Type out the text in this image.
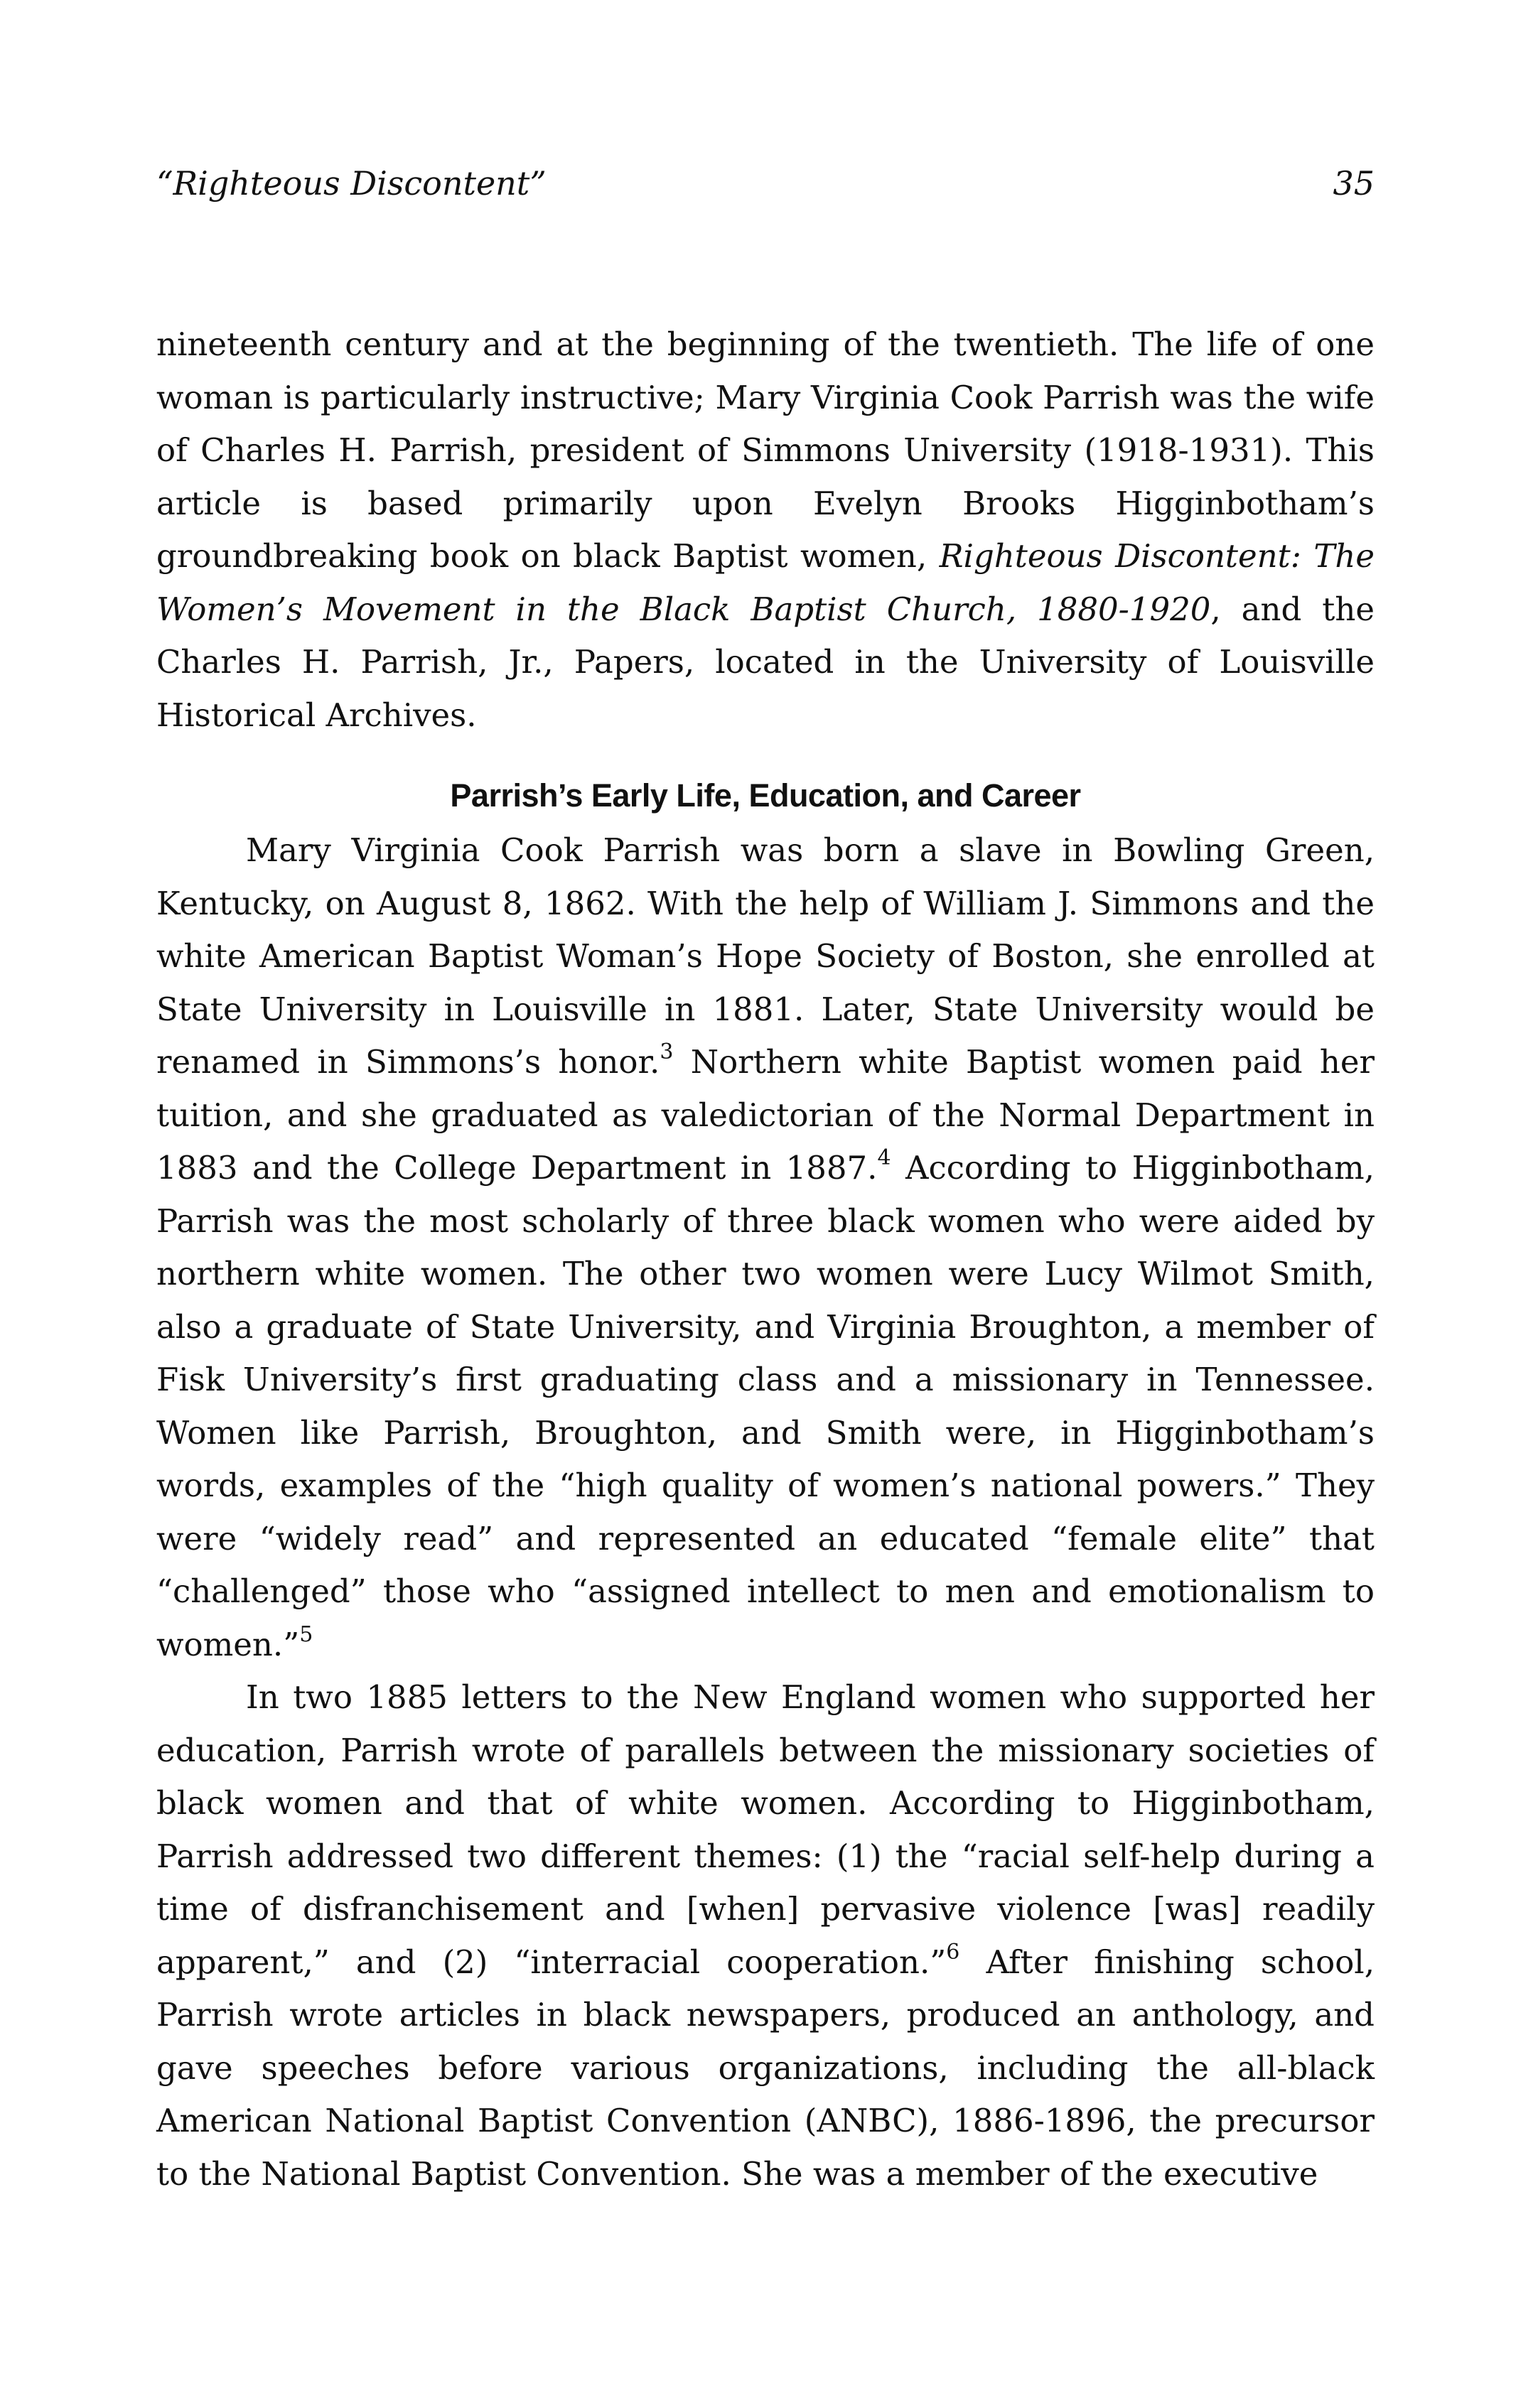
“Righteous Discontent”	35

nineteenth century and at the beginning of the twentieth. The life of one woman is particularly instructive; Mary Virginia Cook Parrish was the wife of Charles H. Parrish, president of Simmons University (1918-1931). This article is based primarily upon Evelyn Brooks Higginbotham’s groundbreaking book on black Baptist women, Righteous Discontent: The Women’s Movement in the Black Baptist Church, 1880-1920, and the Charles H. Parrish, Jr., Papers, located in the University of Louisville Historical Archives.

Parrish’s Early Life, Education, and Career

Mary Virginia Cook Parrish was born a slave in Bowling Green, Kentucky, on August 8, 1862. With the help of William J. Simmons and the white American Baptist Woman’s Hope Society of Boston, she enrolled at State University in Louisville in 1881. Later, State University would be renamed in Simmons’s honor.$^3$ Northern white Baptist women paid her tuition, and she graduated as valedictorian of the Normal Department in 1883 and the College Department in 1887.$^4$ According to Higginbotham, Parrish was the most scholarly of three black women who were aided by northern white women. The other two women were Lucy Wilmot Smith, also a graduate of State University, and Virginia Broughton, a member of Fisk University’s first graduating class and a missionary in Tennessee. Women like Parrish, Broughton, and Smith were, in Higginbotham’s words, examples of the “high quality of women’s national powers.” They were “widely read” and represented an educated “female elite” that “challenged” those who “assigned intellect to men and emotionalism to women.”$^5$

In two 1885 letters to the New England women who supported her education, Parrish wrote of parallels between the missionary societies of black women and that of white women. According to Higginbotham, Parrish addressed two different themes: (1) the “racial self-help during a time of disfranchisement and [when] pervasive violence [was] readily apparent,” and (2) “interracial cooperation.”$^6$ After finishing school, Parrish wrote articles in black newspapers, produced an anthology, and gave speeches before various organizations, including the all-black American National Baptist Convention (ANBC), 1886-1896, the precursor to the National Baptist Convention. She was a member of the executive
